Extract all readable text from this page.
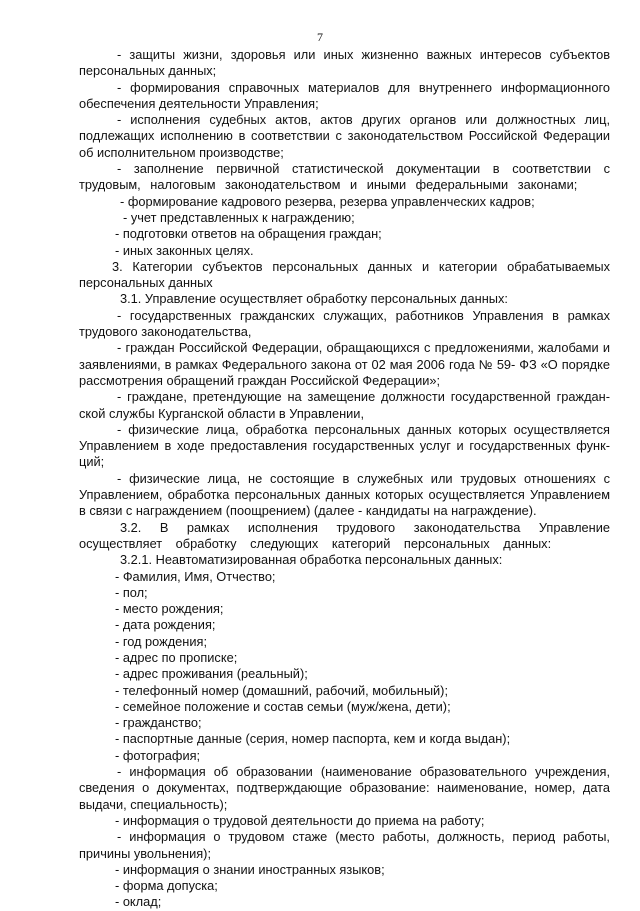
7

- защиты жизни, здоровья или иных жизненно важных интересов субъектов персональных данных;

- формирования справочных материалов для внутреннего информационного обеспечения деятельности Управления;

- исполнения судебных актов, актов других органов или должностных лиц, подлежащих исполнению в соответствии с законодательством Российской Федерации об исполнительном производстве;

- заполнение первичной статистической документации в соответствии с трудовым, налоговым законодательством и иными федеральными законами;

- формирование кадрового резерва, резерва управленческих кадров;

- учет представленных к награждению;

- подготовки ответов на обращения граждан;

- иных законных целях.

3. Категории субъектов персональных данных и категории обрабатываемых персональных данных

3.1. Управление осуществляет обработку персональных данных:

- государственных гражданских служащих, работников Управления в рамках трудового законодательства,

- граждан Российской Федерации, обращающихся с предложениями, жалобами и заявлениями, в рамках Федерального закона от 02 мая 2006 года № 59- ФЗ «О порядке рассмотрения обращений граждан Российской Федерации»;

- граждане, претендующие на замещение должности государственной гражданской службы Курганской области в Управлении,

- физические лица, обработка персональных данных которых осуществляется Управлением в ходе предоставления государственных услуг и государственных функций;

- физические лица, не состоящие в служебных или трудовых отношениях с Управлением, обработка персональных данных которых осуществляется Управлением в связи с награждением (поощрением) (далее - кандидаты на награждение).

3.2. В рамках исполнения трудового законодательства Управление осуществляет обработку следующих категорий персональных данных:

3.2.1. Неавтоматизированная обработка персональных данных:

- Фамилия, Имя, Отчество;

- пол;

- место рождения;

- дата рождения;

- год рождения;

- адрес по прописке;

- адрес проживания (реальный);

- телефонный номер (домашний, рабочий, мобильный);

- семейное положение и состав семьи (муж/жена, дети);

- гражданство;

- паспортные данные (серия, номер паспорта, кем и когда выдан);

- фотография;

- информация об образовании (наименование образовательного учреждения, сведения о документах, подтверждающие образование: наименование, номер, дата выдачи, специальность);

- информация о трудовой деятельности до приема на работу;

- информация о трудовом стаже (место работы, должность, период работы, причины увольнения);

- информация о знании иностранных языков;

- форма допуска;

- оклад;
